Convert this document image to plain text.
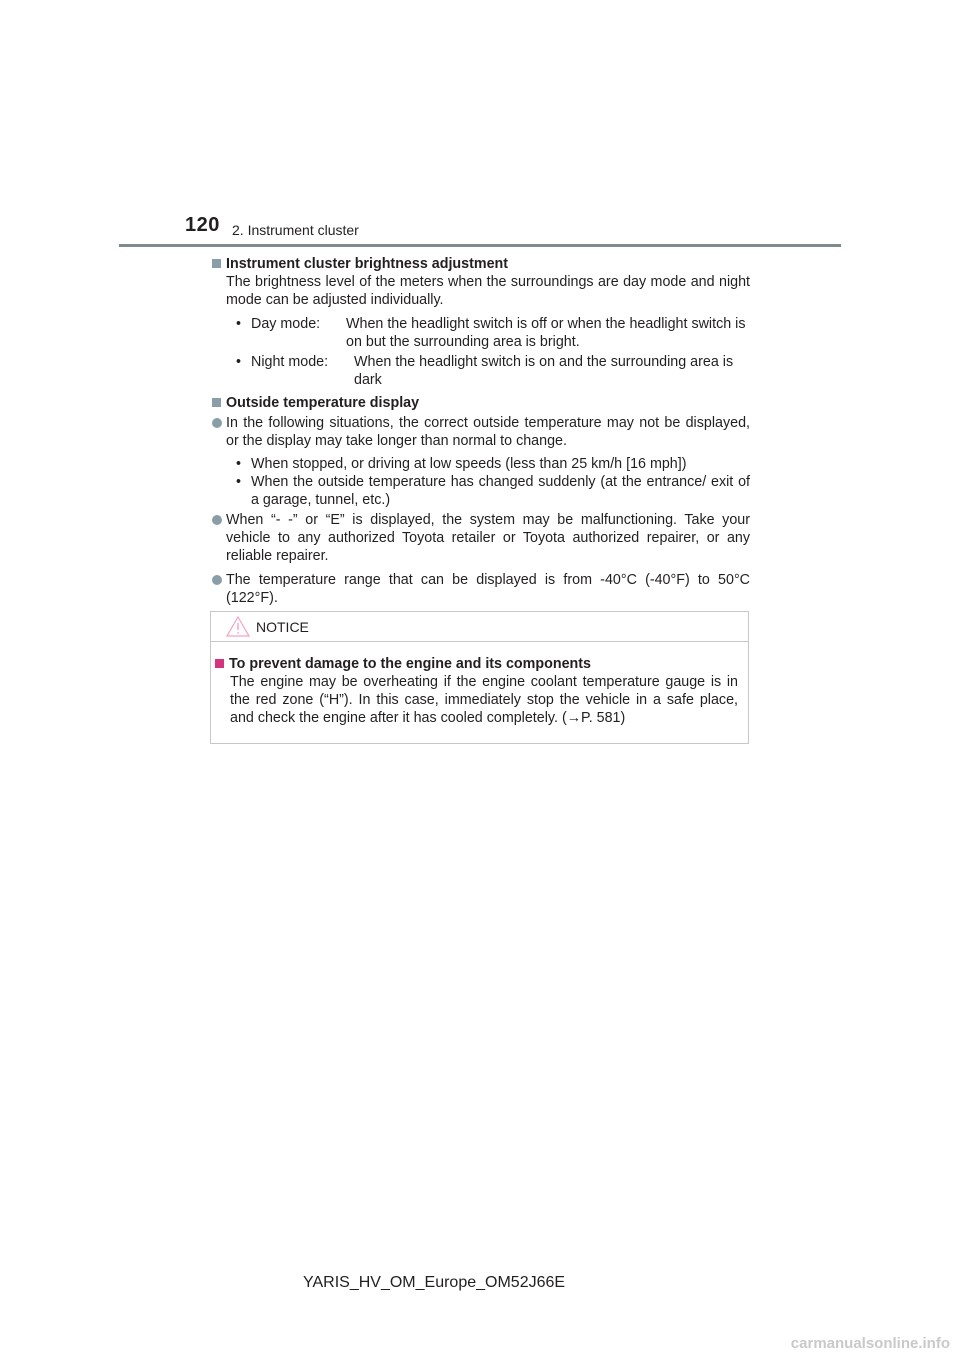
120 2. Instrument cluster

Instrument cluster brightness adjustment

The brightness level of the meters when the surroundings are day mode and night mode can be adjusted individually.

• Day mode: When the headlight switch is off or when the headlight switch is on but the surrounding area is bright.
• Night mode: When the headlight switch is on and the surrounding area is dark

Outside temperature display

In the following situations, the correct outside temperature may not be displayed, or the display may take longer than normal to change.
• When stopped, or driving at low speeds (less than 25 km/h [16 mph])
• When the outside temperature has changed suddenly (at the entrance/ exit of a garage, tunnel, etc.)
When “- -” or “E” is displayed, the system may be malfunctioning. Take your vehicle to any authorized Toyota retailer or Toyota authorized repairer, or any reliable repairer.
The temperature range that can be displayed is from -40°C (-40°F) to 50°C (122°F).
NOTICE

To prevent damage to the engine and its components

The engine may be overheating if the engine coolant temperature gauge is in the red zone (“H”). In this case, immediately stop the vehicle in a safe place, and check the engine after it has cooled completely. (→P. 581)

YARIS_HV_OM_Europe_OM52J66E
carmanualsonline.info
